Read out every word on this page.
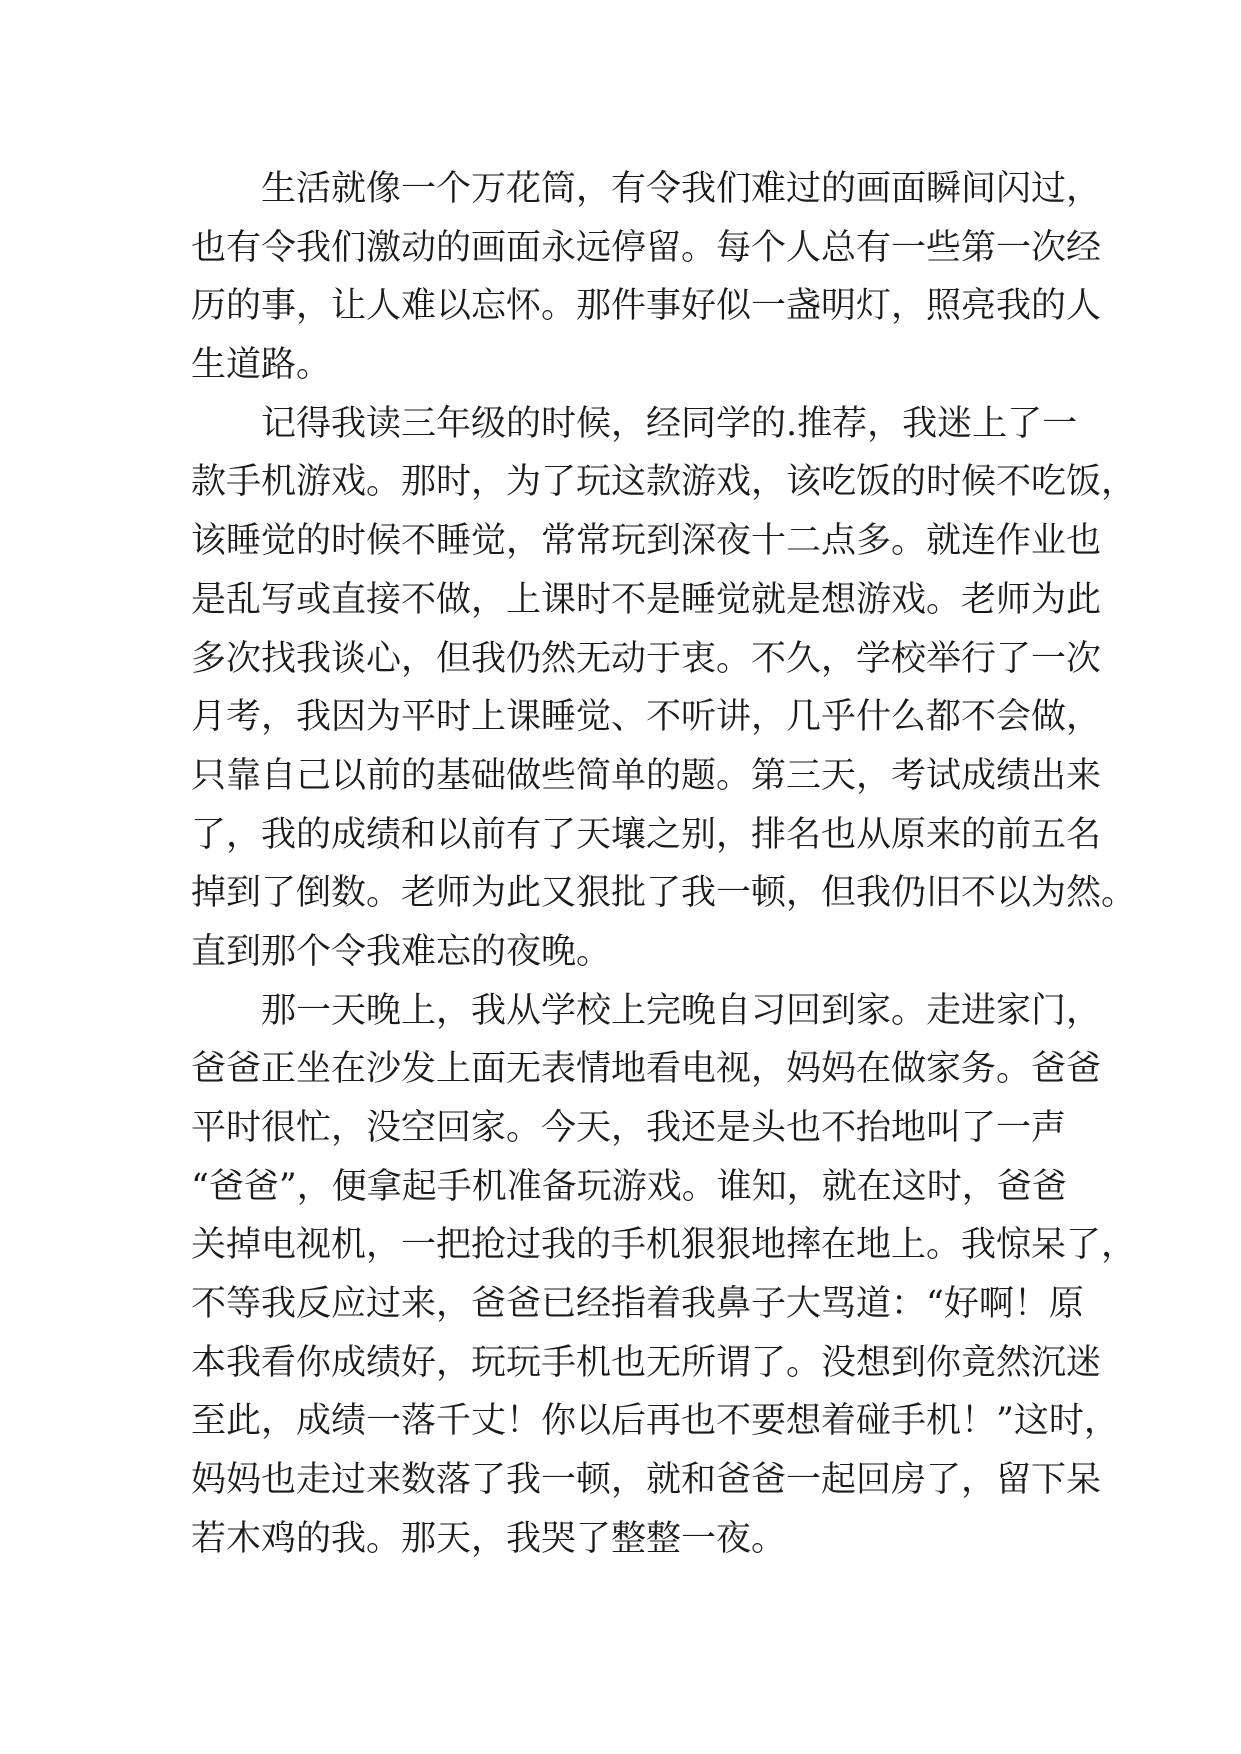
生活就像一个万花筒，有令我们难过的画面瞬间闪过，
也有令我们激动的画面永远停留。每个人总有一些第一次经
历的事，让人难以忘怀。那件事好似一盏明灯，照亮我的人
生道路。
记得我读三年级的时候，经同学的.推荐，我迷上了一
款手机游戏。那时，为了玩这款游戏，该吃饭的时候不吃饭，
该睡觉的时候不睡觉，常常玩到深夜十二点多。就连作业也
是乱写或直接不做，上课时不是睡觉就是想游戏。老师为此
多次找我谈心，但我仍然无动于衷。不久，学校举行了一次
月考，我因为平时上课睡觉、不听讲，几乎什么都不会做，
只靠自己以前的基础做些简单的题。第三天，考试成绩出来
了，我的成绩和以前有了天壤之别，排名也从原来的前五名
掉到了倒数。老师为此又狠批了我一顿，但我仍旧不以为然。
直到那个令我难忘的夜晚。
那一天晚上，我从学校上完晚自习回到家。走进家门，
爸爸正坐在沙发上面无表情地看电视，妈妈在做家务。爸爸
平时很忙，没空回家。今天，我还是头也不抬地叫了一声
“爸爸”，便拿起手机准备玩游戏。谁知，就在这时，爸爸
关掉电视机，一把抢过我的手机狠狠地摔在地上。我惊呆了，
不等我反应过来，爸爸已经指着我鼻子大骂道：“好啊！原
本我看你成绩好，玩玩手机也无所谓了。没想到你竟然沉迷
至此，成绩一落千丈！你以后再也不要想着碰手机！”这时，
妈妈也走过来数落了我一顿，就和爸爸一起回房了，留下呆
若木鸡的我。那天，我哭了整整一夜。
